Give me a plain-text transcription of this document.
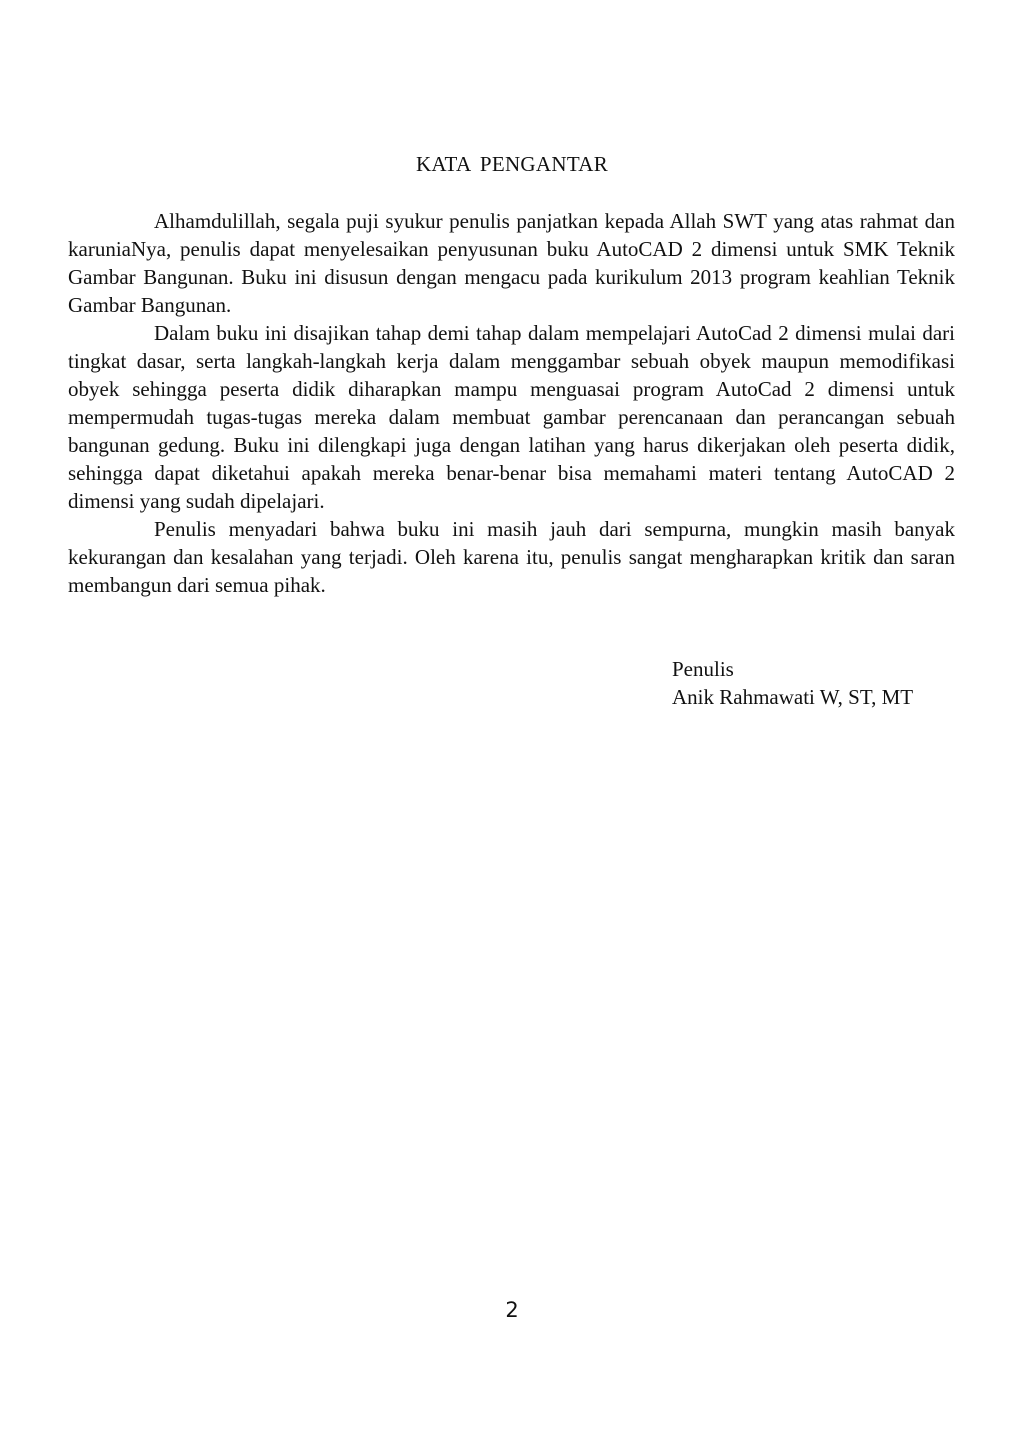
KATA PENGANTAR

Alhamdulillah, segala puji syukur penulis panjatkan kepada Allah SWT yang atas rahmat dan karuniaNya, penulis dapat menyelesaikan penyusunan buku AutoCAD 2 dimensi untuk SMK Teknik Gambar Bangunan. Buku ini disusun dengan mengacu pada kurikulum 2013 program keahlian Teknik Gambar Bangunan.

Dalam buku ini disajikan tahap demi tahap dalam mempelajari AutoCad 2 dimensi mulai dari tingkat dasar, serta langkah-langkah kerja dalam menggambar sebuah obyek maupun memodifikasi obyek sehingga peserta didik diharapkan mampu menguasai program AutoCad 2 dimensi untuk mempermudah tugas-tugas mereka dalam membuat gambar perencanaan dan perancangan sebuah bangunan gedung. Buku ini dilengkapi juga dengan latihan yang harus dikerjakan oleh peserta didik, sehingga dapat diketahui apakah mereka benar-benar bisa memahami materi tentang AutoCAD 2 dimensi yang sudah dipelajari.

Penulis menyadari bahwa buku ini masih jauh dari sempurna, mungkin masih banyak kekurangan dan kesalahan yang terjadi. Oleh karena itu, penulis sangat mengharapkan kritik dan saran membangun dari semua pihak.

Penulis
Anik Rahmawati W, ST, MT
2
